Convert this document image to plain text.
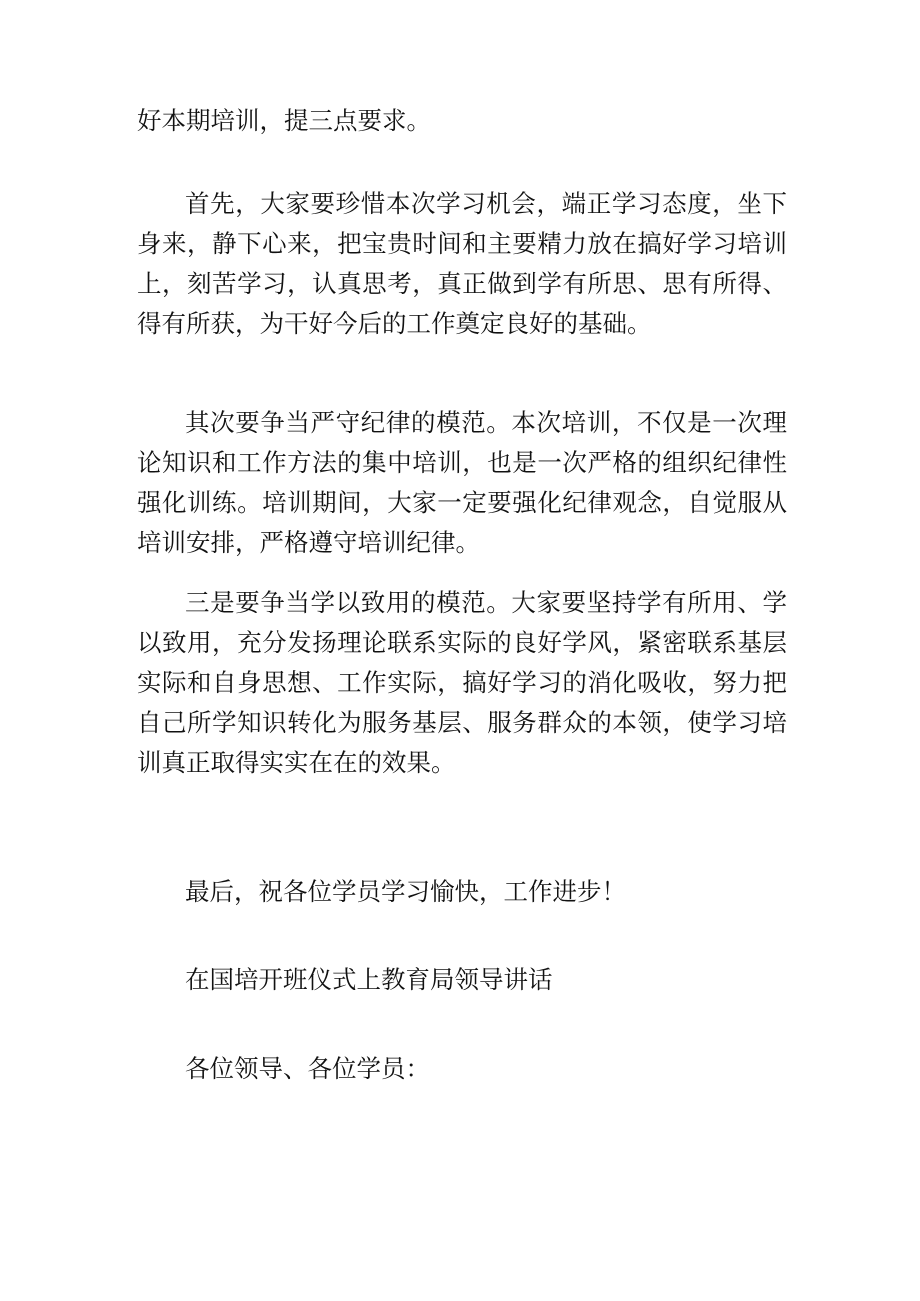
好本期培训，提三点要求。

首先，大家要珍惜本次学习机会，端正学习态度，坐下身来，静下心来，把宝贵时间和主要精力放在搞好学习培训上，刻苦学习，认真思考，真正做到学有所思、思有所得、得有所获，为干好今后的工作奠定良好的基础。

其次要争当严守纪律的模范。本次培训，不仅是一次理论知识和工作方法的集中培训，也是一次严格的组织纪律性强化训练。培训期间，大家一定要强化纪律观念，自觉服从培训安排，严格遵守培训纪律。

三是要争当学以致用的模范。大家要坚持学有所用、学以致用，充分发扬理论联系实际的良好学风，紧密联系基层实际和自身思想、工作实际，搞好学习的消化吸收，努力把自己所学知识转化为服务基层、服务群众的本领，使学习培训真正取得实实在在的效果。

最后，祝各位学员学习愉快，工作进步！

在国培开班仪式上教育局领导讲话

各位领导、各位学员：
